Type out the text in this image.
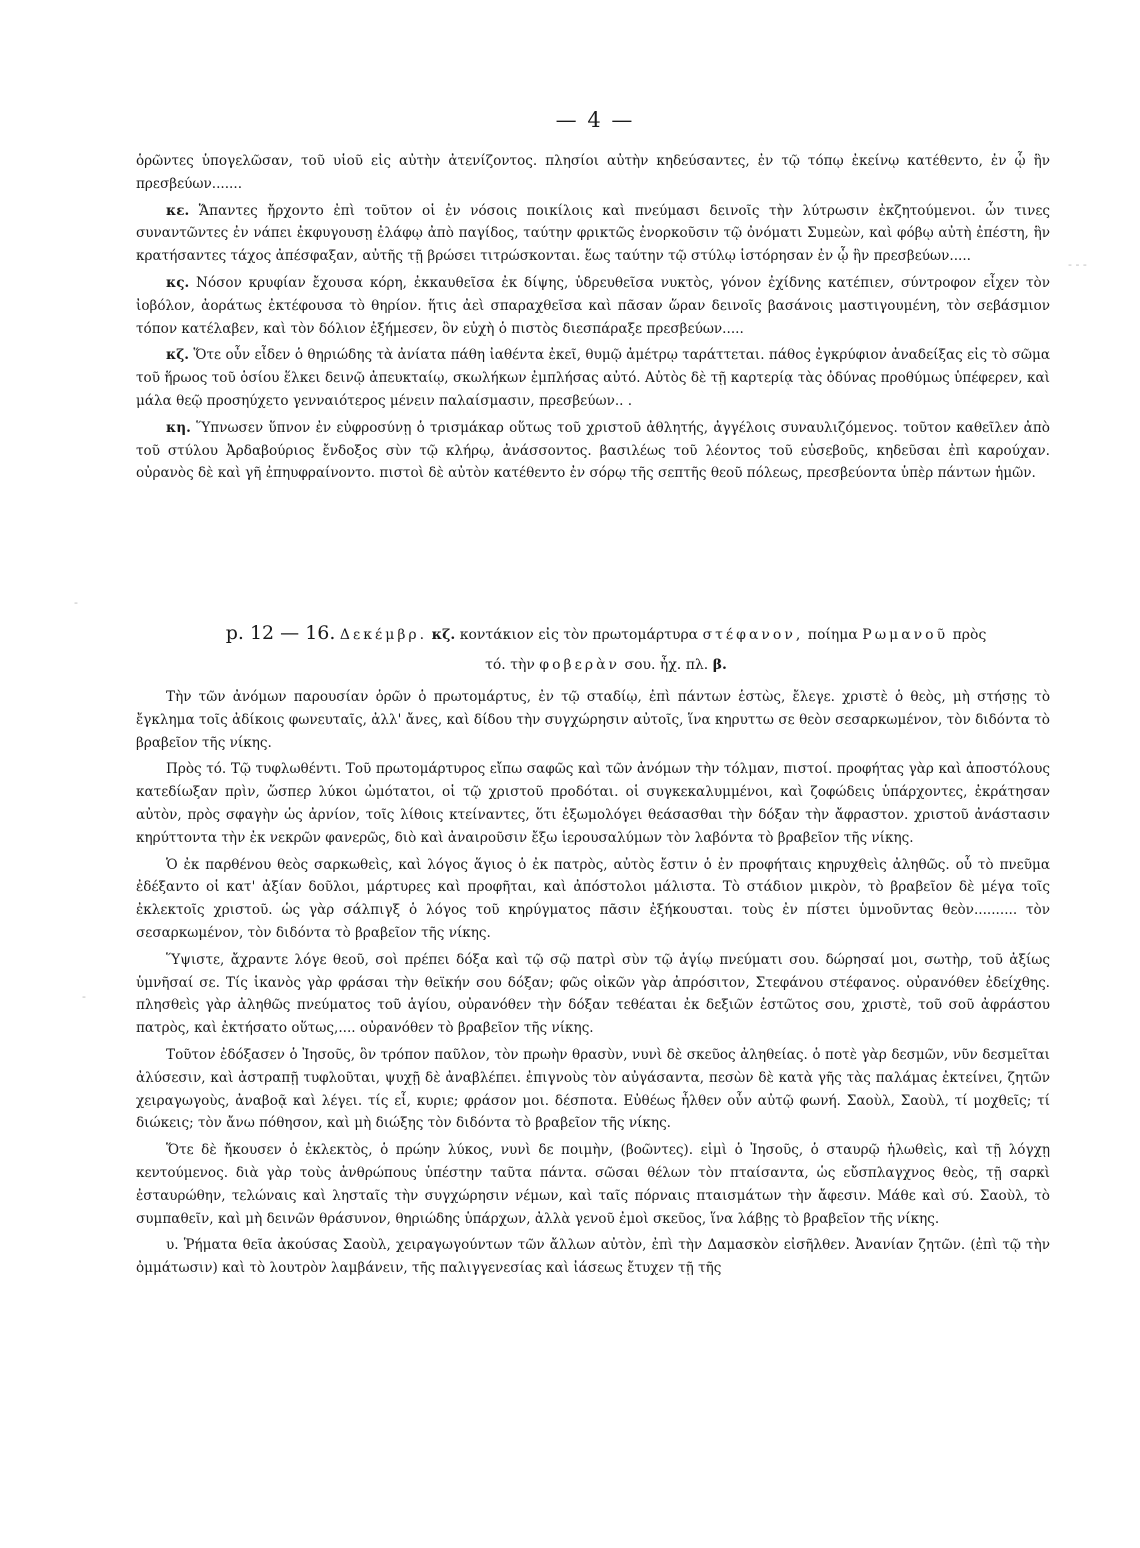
— 4 —

ὁρῶντες ὑπογελῶσαν, τοῦ υἱοῦ εἰς αὐτὴν ἀτενίζοντος. πλησίοι αὐτὴν κηδεύσαντες, ἐν τῷ τόπῳ ἐκείνῳ κατέθεντο, ἐν ᾧ ἣν πρεσβεύων.......

κε. Ἅπαντες ἤρχοντο ἐπὶ τοῦτον οἱ ἐν νόσοις ποικίλοις καὶ πνεύμασι δεινοῖς τὴν λύτρωσιν ἐκζητούμενοι. ὧν τινες συναντῶντες ἐν νάπει ἐκφυγουσῃ ἐλάφῳ ἀπὸ παγίδος, ταύτην φρικτῶς ἐνορκοῦσιν τῷ ὀνόματι Συμεὼν, καὶ φόβῳ αὐτὴ ἐπέστη, ἣν κρατήσαντες τάχος ἀπέσφαξαν, αὐτῆς τῇ βρώσει τιτρώσκονται. ἕως ταύτην τῷ στύλῳ ἱστόρησαν ἐν ᾧ ἣν πρεσβεύων.....

κς. Νόσον κρυφίαν ἔχουσα κόρη, ἐκκαυθεῖσα ἐκ δίψης, ὑδρευθεῖσα νυκτὸς, γόνον ἐχίδνης κατέπιεν, σύντροφον εἶχεν τὸν ἰοβόλον, ἀοράτως ἐκτέφουσα τὸ θηρίον. ἥτις ἀεὶ σπαραχθεῖσα καὶ πᾶσαν ὥραν δεινοῖς βασάνοις μαστιγουμένη, τὸν σεβάσμιον τόπον κατέλαβεν, καὶ τὸν δόλιον ἐξήμεσεν, ὃν εὐχὴ ὁ πιστὸς διεσπάραξε πρεσβεύων.....

κζ. Ὅτε οὖν εἶδεν ὁ θηριώδης τὰ ἀνίατα πάθη ἰαθέντα ἐκεῖ, θυμῷ ἀμέτρῳ ταράττεται. πάθος ἐγκρύφιον ἀναδείξας εἰς τὸ σῶμα τοῦ ἥρωος τοῦ ὁσίου ἕλκει δεινῷ ἀπευκταίῳ, σκωλήκων ἐμπλήσας αὐτό. Αὐτὸς δὲ τῇ καρτερίᾳ τὰς ὀδύνας προθύμως ὑπέφερεν, καὶ μάλα θεῷ προσηύχετο γενναιότερος μένειν παλαίσμασιν, πρεσβεύων.. .

κη. Ὕπνωσεν ὕπνον ἐν εὐφροσύνῃ ὁ τρισμάκαρ οὕτως τοῦ χριστοῦ ἀθλητής, ἀγγέλοις συναυλιζόμενος. τοῦτον καθεῖλεν ἀπὸ τοῦ στύλου Ἀρδαβούριος ἔνδοξος σὺν τῷ κλήρῳ, ἀνάσσοντος. βασιλέως τοῦ λέοντος τοῦ εὐσεβοῦς, κηδεῦσαι ἐπὶ καρούχαν. οὐρανὸς δὲ καὶ γῆ ἐπηυφραίνοντο. πιστοὶ δὲ αὐτὸν κατέθεντο ἐν σόρῳ τῆς σεπτῆς θεοῦ πόλεως, πρεσβεύοντα ὑπὲρ πάντων ἡμῶν.

p. 12 — 16. Δεκέμβρ. κζ. κοντάκιον εἰς τὸν πρωτομάρτυρα στέφανον, ποίημα Ρωμανοῦ πρὸς
τό. τὴν φοβερὰν σου. ἦχ. πλ. β.

Τὴν τῶν ἀνόμων παρουσίαν ὁρῶν ὁ πρωτομάρτυς, ἐν τῷ σταδίῳ, ἐπὶ πάντων ἑστὼς, ἔλεγε. χριστὲ ὁ θεὸς, μὴ στήσῃς τὸ ἔγκλημα τοῖς ἀδίκοις φωνευταῖς, ἀλλ' ἄνες, καὶ δίδου τὴν συγχώρησιν αὐτοῖς, ἵνα κηρυττω σε θεὸν σεσαρκωμένον, τὸν διδόντα τὸ βραβεῖον τῆς νίκης.

Πρὸς τό. Τῷ τυφλωθέντι. Τοῦ πρωτομάρτυρος εἴπω σαφῶς καὶ τῶν ἀνόμων τὴν τόλμαν, πιστοί. προφήτας γὰρ καὶ ἀποστόλους κατεδίωξαν πρὶν, ὥσπερ λύκοι ὠμότατοι, οἱ τῷ χριστοῦ προδόται. οἱ συγκεκαλυμμένοι, καὶ ζοφώδεις ὑπάρχοντες, ἐκράτησαν αὐτὸν, πρὸς σφαγὴν ὡς ἀρνίον, τοῖς λίθοις κτείναντες, ὅτι ἐξωμολόγει θεάσασθαι τὴν δόξαν τὴν ἄφραστον. χριστοῦ ἀνάστασιν κηρύττοντα τὴν ἐκ νεκρῶν φανερῶς, διὸ καὶ ἀναιροῦσιν ἔξω ἱερουσαλύμων τὸν λαβόντα τὸ βραβεῖον τῆς νίκης.

Ὁ ἐκ παρθένου θεὸς σαρκωθεὶς, καὶ λόγος ἅγιος ὁ ἐκ πατρὸς, αὐτὸς ἔστιν ὁ ἐν προφήταις κηρυχθεὶς ἀληθῶς. οὗ τὸ πνεῦμα ἐδέξαντο οἱ κατ' ἀξίαν δοῦλοι, μάρτυρες καὶ προφῆται, καὶ ἀπόστολοι μάλιστα. Τὸ στάδιον μικρὸν, τὸ βραβεῖον δὲ μέγα τοῖς ἐκλεκτοῖς χριστοῦ. ὡς γὰρ σάλπιγξ ὁ λόγος τοῦ κηρύγματος πᾶσιν ἐξήκουσται. τοὺς ἐν πίστει ὑμνοῦντας θεὸν.......... τὸν σεσαρκωμένον, τὸν διδόντα τὸ βραβεῖον τῆς νίκης.

Ὕψιστε, ἄχραντε λόγε θεοῦ, σοὶ πρέπει δόξα καὶ τῷ σῷ πατρὶ σὺν τῷ ἁγίῳ πνεύματι σου. δώρησαί μοι, σωτὴρ, τοῦ ἀξίως ὑμνῆσαί σε. Τίς ἱκανὸς γὰρ φράσαι τὴν θεϊκήν σου δόξαν; φῶς οἰκῶν γὰρ ἀπρόσιτον, Στεφάνου στέφανος. οὐρανόθεν ἐδείχθης. πλησθεὶς γὰρ ἀληθῶς πνεύματος τοῦ ἁγίου, οὐρανόθεν τὴν δόξαν τεθέαται ἐκ δεξιῶν ἑστῶτος σου, χριστὲ, τοῦ σοῦ ἀφράστου πατρὸς, καὶ ἐκτήσατο οὕτως,.... οὐρανόθεν τὸ βραβεῖον τῆς νίκης.

Τοῦτον ἐδόξασεν ὁ Ἰησοῦς, ὃν τρόπον παῦλον, τὸν πρωὴν θρασὺν, νυνὶ δὲ σκεῦος ἀληθείας. ὁ ποτὲ γὰρ δεσμῶν, νῦν δεσμεῖται ἀλύσεσιν, καὶ ἀστραπῇ τυφλοῦται, ψυχῇ δὲ ἀναβλέπει. ἐπιγνοὺς τὸν αὐγάσαντα, πεσὼν δὲ κατὰ γῆς τὰς παλάμας ἐκτείνει, ζητῶν χειραγωγοὺς, ἀναβοᾷ καὶ λέγει. τίς εἶ, κυριε; φράσον μοι. δέσποτα. Εὐθέως ἦλθεν οὖν αὐτῷ φωνή. Σαοὺλ, Σαοὺλ, τί μοχθεῖς; τί διώκεις; τὸν ἄνω πόθησον, καὶ μὴ διώξης τὸν διδόντα τὸ βραβεῖον τῆς νίκης.

Ὅτε δὲ ἤκουσεν ὁ ἐκλεκτὸς, ὁ πρώην λύκος, νυνὶ δε ποιμὴν, (βοῶντες). εἰμὶ ὁ Ἰησοῦς, ὁ σταυρῷ ἡλωθεὶς, καὶ τῇ λόγχῃ κεντούμενος. διὰ γὰρ τοὺς ἀνθρώπους ὑπέστην ταῦτα πάντα. σῶσαι θέλων τὸν πταίσαντα, ὡς εὔσπλαγχνος θεὸς, τῇ σαρκὶ ἐσταυρώθην, τελώναις καὶ λησταῖς τὴν συγχώρησιν νέμων, καὶ ταῖς πόρναις πταισμάτων τὴν ἄφεσιν. Μάθε καὶ σύ. Σαοὺλ, τὸ συμπαθεῖν, καὶ μὴ δεινῶν θράσυνον, θηριώδης ὑπάρχων, ἀλλὰ γενοῦ ἐμοὶ σκεῦος, ἵνα λάβῃς τὸ βραβεῖον τῆς νίκης.

υ. Ῥήματα θεῖα ἀκούσας Σαοὺλ, χειραγωγούντων τῶν ἄλλων αὐτὸν, ἐπὶ τὴν Δαμασκὸν εἰσῆλθεν. Ἀνανίαν ζητῶν. (ἐπὶ τῷ τὴν ὀμμάτωσιν) καὶ τὸ λουτρὸν λαμβάνειν, τῆς παλιγγενεσίας καὶ ἰάσεως ἔτυχεν τῇ τῆς

- - -
-
-
